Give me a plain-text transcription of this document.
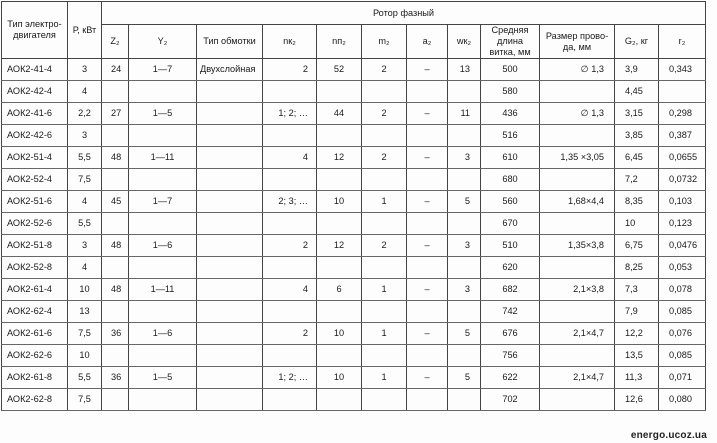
Тип электро-двигателя	Р, кВт	Ротор фазный											
		Z₂	Y₂	Тип обмотки	nк₂	nп₂	m₂	a₂	wк₂	Средняя длина витка, мм	Размер прово-да, мм	G₂, кг	r₂
АОК2-41-4	3	24	1—7	Двухслойная	2	52	2	–	13	500	∅ 1,3	3,9	0,343
АОК2-42-4	4									580		4,45	
АОК2-41-6	2,2	27	1—5		1; 2; …	44	2	–	11	436	∅ 1,3	3,15	0,298
АОК2-42-6	3									516		3,85	0,387
АОК2-51-4	5,5	48	1—11		4	12	2	–	3	610	1,35 ×3,05	6,45	0,0655
АОК2-52-4	7,5									680		7,2	0,0732
АОК2-51-6	4	45	1—7		2; 3; …	10	1	–	5	560	1,68×4,4	8,35	0,103
АОК2-52-6	5,5									670		10	0,123
АОК2-51-8	3	48	1—6		2	12	2	–	3	510	1,35×3,8	6,75	0,0476
АОК2-52-8	4									620		8,25	0,053
АОК2-61-4	10	48	1—11		4	6	1	–	3	682	2,1×3,8	7,3	0,078
АОК2-62-4	13									742		7,9	0,085
АОК2-61-6	7,5	36	1—6		2	10	1	–	5	676	2,1×4,7	12,2	0,076
АОК2-62-6	10									756		13,5	0,085
АОК2-61-8	5,5	36	1—5		1; 2; …	10	1	–	5	622	2,1×4,7	11,3	0,071
АОК2-62-8	7,5									702		12,6	0,080
energo.ucoz.ua
